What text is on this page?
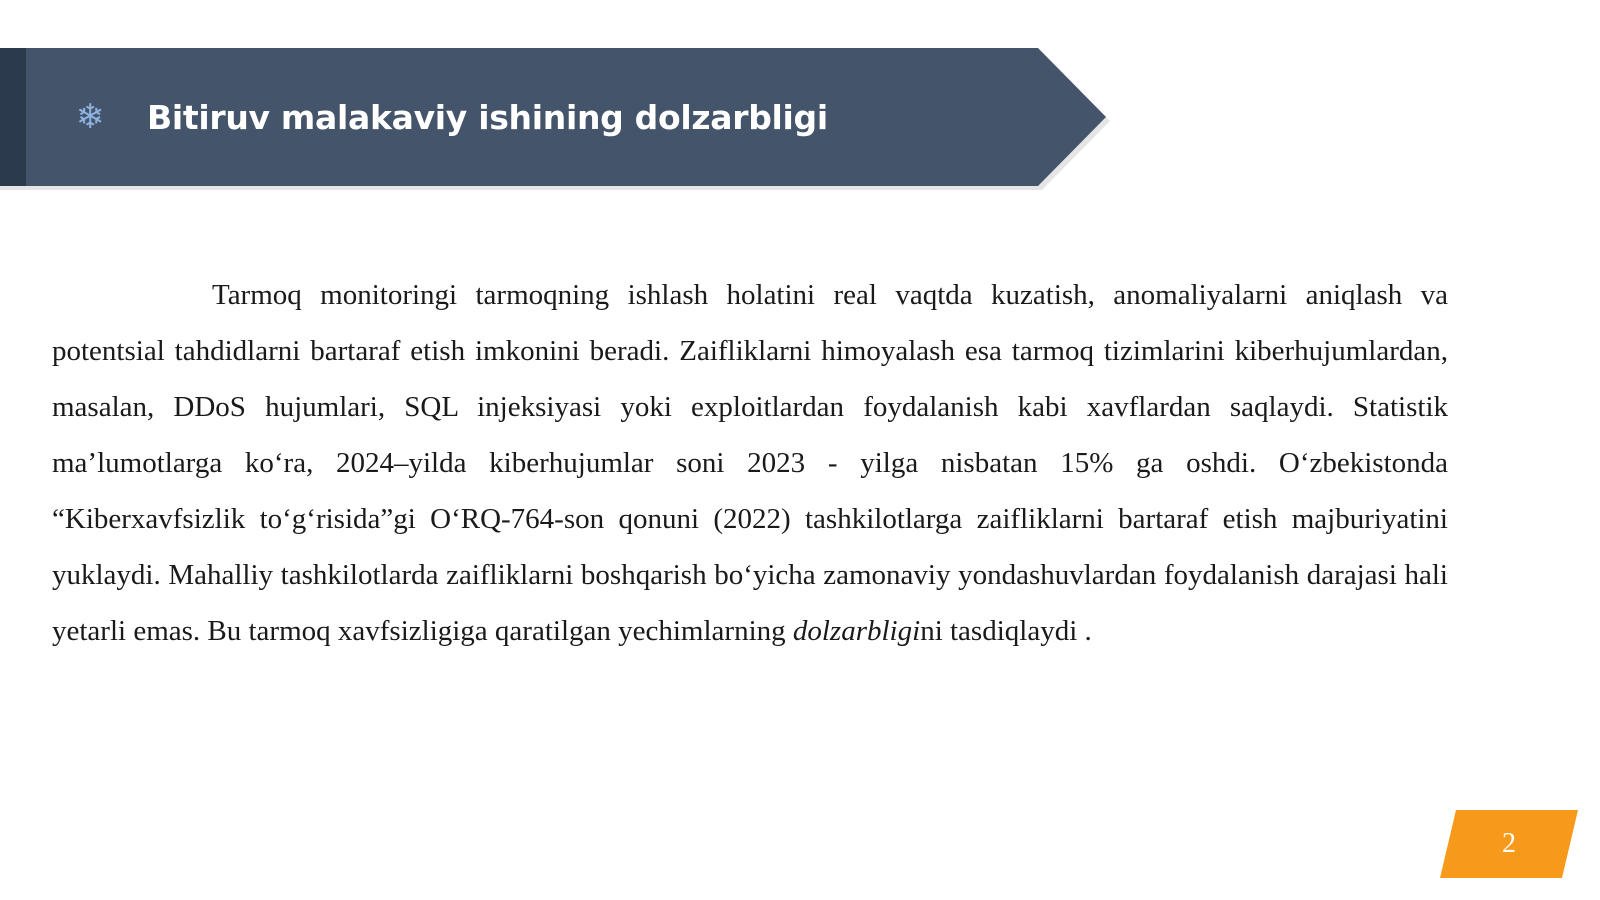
❄ Bitiruv malakaviy ishining dolzarbligi

Tarmoq monitoringi tarmoqning ishlash holatini real vaqtda kuzatish, anomaliyalarni aniqlash va potentsial tahdidlarni bartaraf etish imkonini beradi. Zaifliklarni himoyalash esa tarmoq tizimlarini kiberhujumlardan, masalan, DDoS hujumlari, SQL injeksiyasi yoki exploitlardan foydalanish kabi xavflardan saqlaydi. Statistik ma’lumotlarga ko‘ra, 2024–yilda kiberhujumlar soni 2023 - yilga nisbatan 15% ga oshdi. O‘zbekistonda “Kiberxavfsizlik to‘g‘risida”gi O‘RQ-764-son qonuni (2022) tashkilotlarga zaifliklarni bartaraf etish majburiyatini yuklaydi. Mahalliy tashkilotlarda zaifliklarni boshqarish bo‘yicha zamonaviy yondashuvlardan foydalanish darajasi hali yetarli emas. Bu tarmoq xavfsizligiga qaratilgan yechimlarning dolzarbligini tasdiqlaydi .

2
